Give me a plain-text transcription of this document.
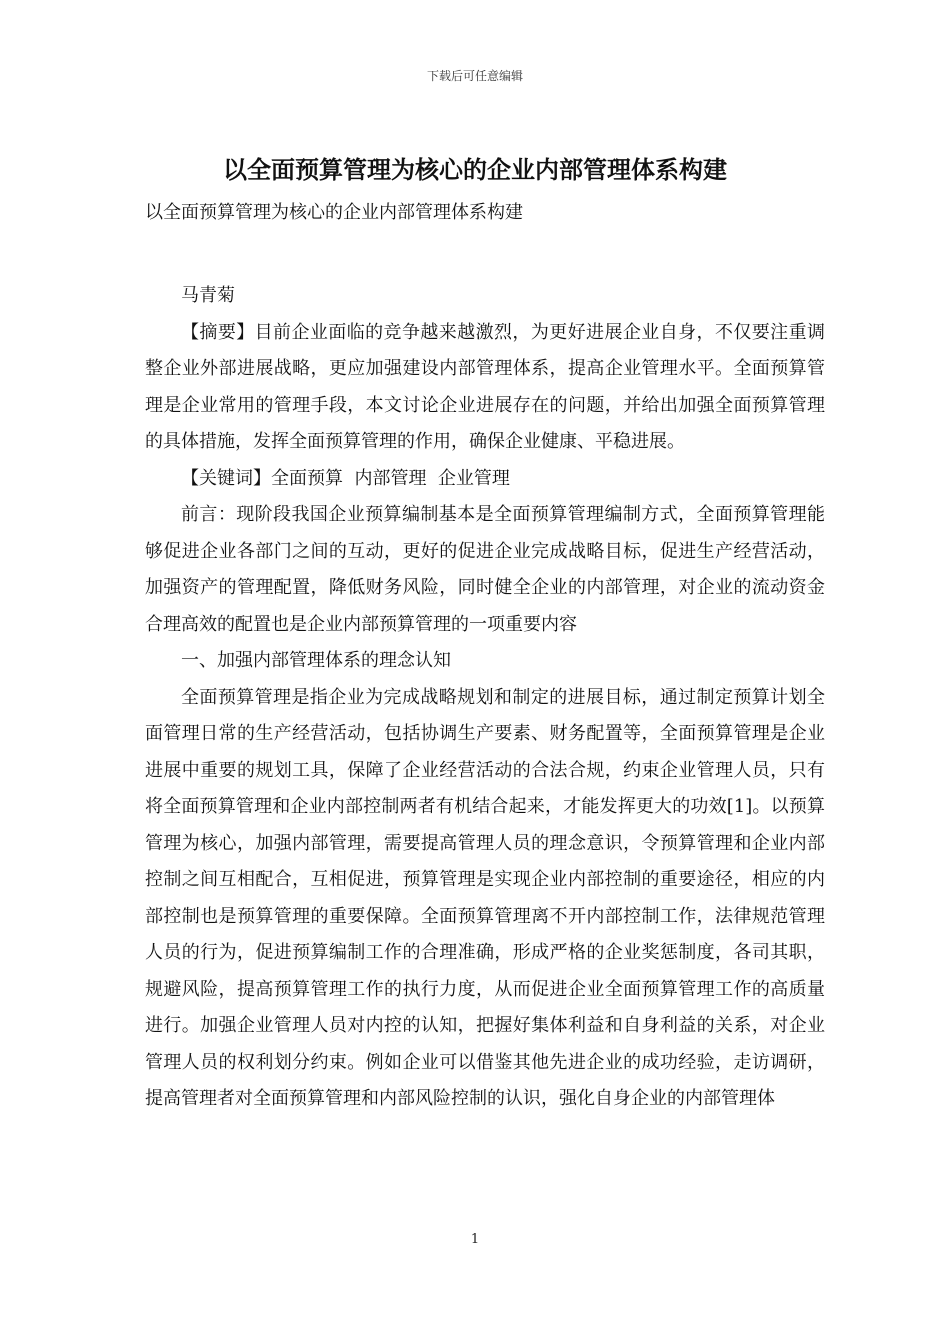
下载后可任意编辑
以全面预算管理为核心的企业内部管理体系构建
以全面预算管理为核心的企业内部管理体系构建

马青菊

【摘要】目前企业面临的竞争越来越激烈，为更好进展企业自身，不仅要注重调整企业外部进展战略，更应加强建设内部管理体系，提高企业管理水平。全面预算管理是企业常用的管理手段，本文讨论企业进展存在的问题，并给出加强全面预算管理的具体措施，发挥全面预算管理的作用，确保企业健康、平稳进展。

【关键词】全面预算  内部管理  企业管理

前言：现阶段我国企业预算编制基本是全面预算管理编制方式，全面预算管理能够促进企业各部门之间的互动，更好的促进企业完成战略目标，促进生产经营活动，加强资产的管理配置，降低财务风险，同时健全企业的内部管理，对企业的流动资金合理高效的配置也是企业内部预算管理的一项重要内容

一、加强内部管理体系的理念认知

全面预算管理是指企业为完成战略规划和制定的进展目标，通过制定预算计划全面管理日常的生产经营活动，包括协调生产要素、财务配置等，全面预算管理是企业进展中重要的规划工具，保障了企业经营活动的合法合规，约束企业管理人员，只有将全面预算管理和企业内部控制两者有机结合起来，才能发挥更大的功效[1]。以预算管理为核心，加强内部管理，需要提高管理人员的理念意识，令预算管理和企业内部控制之间互相配合，互相促进，预算管理是实现企业内部控制的重要途径，相应的内部控制也是预算管理的重要保障。全面预算管理离不开内部控制工作，法律规范管理人员的行为，促进预算编制工作的合理准确，形成严格的企业奖惩制度，各司其职，规避风险，提高预算管理工作的执行力度，从而促进企业全面预算管理工作的高质量进行。加强企业管理人员对内控的认知，把握好集体利益和自身利益的关系，对企业管理人员的权利划分约束。例如企业可以借鉴其他先进企业的成功经验，走访调研，提高管理者对全面预算管理和内部风险控制的认识，强化自身企业的内部管理体

1
